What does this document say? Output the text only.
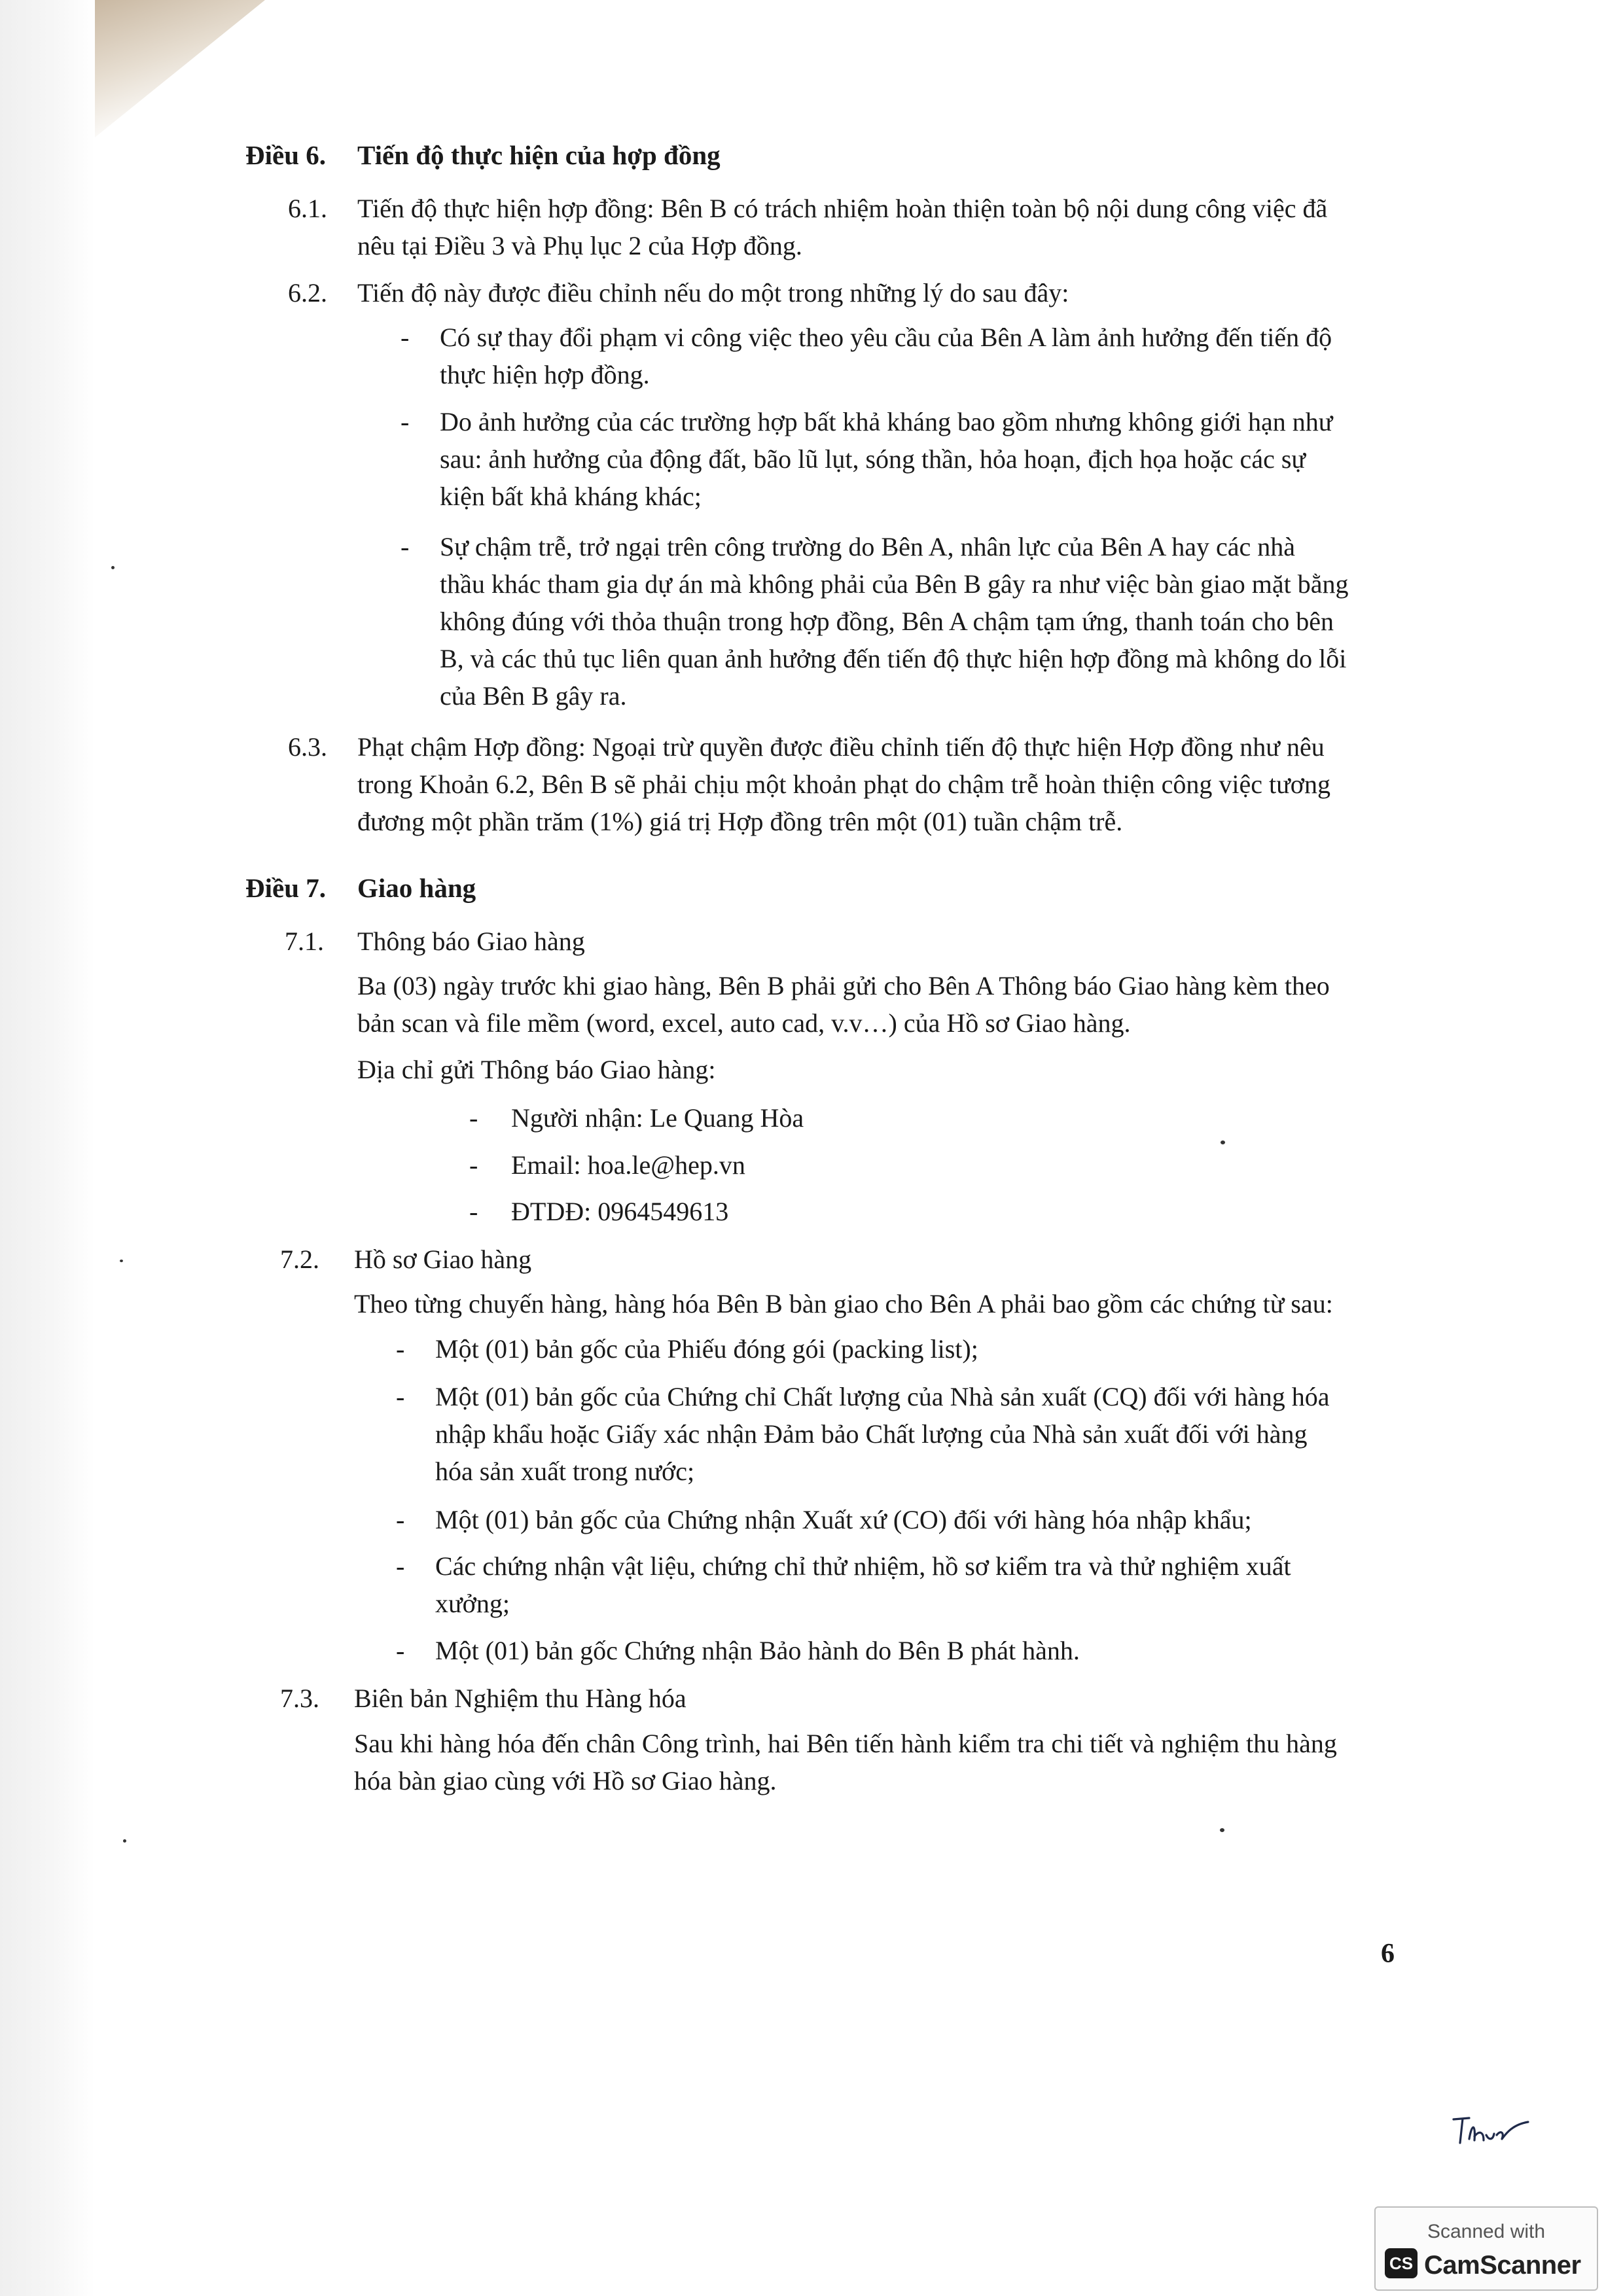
Điều 6. Tiến độ thực hiện của hợp đồng
6.1. Tiến độ thực hiện hợp đồng: Bên B có trách nhiệm hoàn thiện toàn bộ nội dung công việc đã
nêu tại Điều 3 và Phụ lục 2 của Hợp đồng.
6.2. Tiến độ này được điều chỉnh nếu do một trong những lý do sau đây:
- Có sự thay đổi phạm vi công việc theo yêu cầu của Bên A làm ảnh hưởng đến tiến độ
thực hiện hợp đồng.
- Do ảnh hưởng của các trường hợp bất khả kháng bao gồm nhưng không giới hạn như
sau: ảnh hưởng của động đất, bão lũ lụt, sóng thần, hỏa hoạn, địch họa hoặc các sự
kiện bất khả kháng khác;
- Sự chậm trễ, trở ngại trên công trường do Bên A, nhân lực của Bên A hay các nhà
thầu khác tham gia dự án mà không phải của Bên B gây ra như việc bàn giao mặt bằng
không đúng với thỏa thuận trong hợp đồng, Bên A chậm tạm ứng, thanh toán cho bên
B, và các thủ tục liên quan ảnh hưởng đến tiến độ thực hiện hợp đồng mà không do lỗi
của Bên B gây ra.
6.3. Phạt chậm Hợp đồng: Ngoại trừ quyền được điều chỉnh tiến độ thực hiện Hợp đồng như nêu
trong Khoản 6.2, Bên B sẽ phải chịu một khoản phạt do chậm trễ hoàn thiện công việc tương
đương một phần trăm (1%) giá trị Hợp đồng trên một (01) tuần chậm trễ.
Điều 7. Giao hàng
7.1. Thông báo Giao hàng
Ba (03) ngày trước khi giao hàng, Bên B phải gửi cho Bên A Thông báo Giao hàng kèm theo
bản scan và file mềm (word, excel, auto cad, v.v…) của Hồ sơ Giao hàng.
Địa chỉ gửi Thông báo Giao hàng:
- Người nhận: Le Quang Hòa
- Email: hoa.le@hep.vn
- ĐTDĐ: 0964549613
7.2. Hồ sơ Giao hàng
Theo từng chuyến hàng, hàng hóa Bên B bàn giao cho Bên A phải bao gồm các chứng từ sau:
- Một (01) bản gốc của Phiếu đóng gói (packing list);
- Một (01) bản gốc của Chứng chỉ Chất lượng của Nhà sản xuất (CQ) đối với hàng hóa
nhập khẩu hoặc Giấy xác nhận Đảm bảo Chất lượng của Nhà sản xuất đối với hàng
hóa sản xuất trong nước;
- Một (01) bản gốc của Chứng nhận Xuất xứ (CO) đối với hàng hóa nhập khẩu;
- Các chứng nhận vật liệu, chứng chỉ thử nhiệm, hồ sơ kiểm tra và thử nghiệm xuất
xưởng;
- Một (01) bản gốc Chứng nhận Bảo hành do Bên B phát hành.
7.3. Biên bản Nghiệm thu Hàng hóa
Sau khi hàng hóa đến chân Công trình, hai Bên tiến hành kiểm tra chi tiết và nghiệm thu hàng
hóa bàn giao cùng với Hồ sơ Giao hàng.
6
Scanned with
CS CamScanner
